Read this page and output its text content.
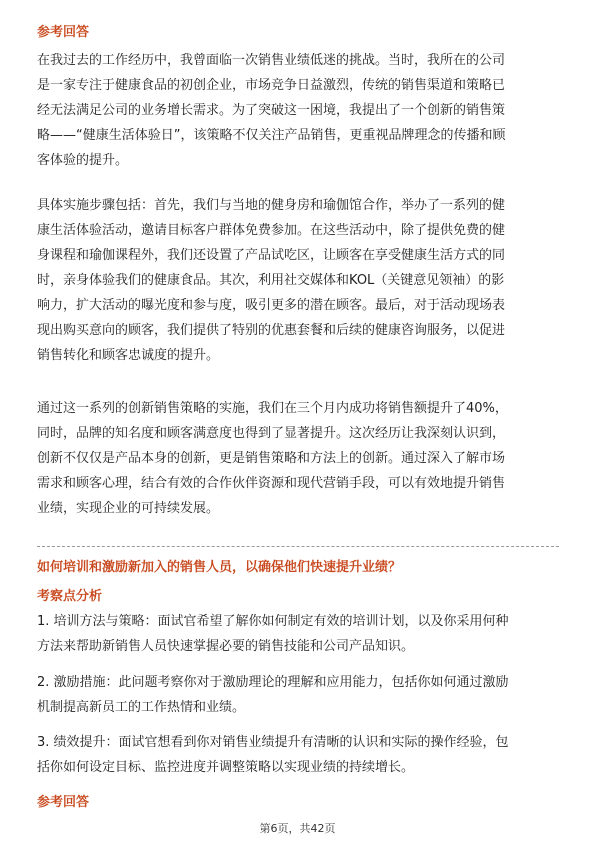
参考回答
在我过去的工作经历中，我曾面临一次销售业绩低迷的挑战。当时，我所在的公司
是一家专注于健康食品的初创企业，市场竞争日益激烈，传统的销售渠道和策略已
经无法满足公司的业务增长需求。为了突破这一困境，我提出了一个创新的销售策
略——“健康生活体验日”，该策略不仅关注产品销售，更重视品牌理念的传播和顾
客体验的提升。
具体实施步骤包括：首先，我们与当地的健身房和瑜伽馆合作，举办了一系列的健
康生活体验活动，邀请目标客户群体免费参加。在这些活动中，除了提供免费的健
身课程和瑜伽课程外，我们还设置了产品试吃区，让顾客在享受健康生活方式的同
时，亲身体验我们的健康食品。其次，利用社交媒体和KOL（关键意见领袖）的影
响力，扩大活动的曝光度和参与度，吸引更多的潜在顾客。最后，对于活动现场表
现出购买意向的顾客，我们提供了特别的优惠套餐和后续的健康咨询服务，以促进
销售转化和顾客忠诚度的提升。
通过这一系列的创新销售策略的实施，我们在三个月内成功将销售额提升了40%，
同时，品牌的知名度和顾客满意度也得到了显著提升。这次经历让我深刻认识到，
创新不仅仅是产品本身的创新，更是销售策略和方法上的创新。通过深入了解市场
需求和顾客心理，结合有效的合作伙伴资源和现代营销手段，可以有效地提升销售
业绩，实现企业的可持续发展。
如何培训和激励新加入的销售人员，以确保他们快速提升业绩？
考察点分析
1. 培训方法与策略：面试官希望了解你如何制定有效的培训计划，以及你采用何种
方法来帮助新销售人员快速掌握必要的销售技能和公司产品知识。
2. 激励措施：此问题考察你对于激励理论的理解和应用能力，包括你如何通过激励
机制提高新员工的工作热情和业绩。
3. 绩效提升：面试官想看到你对销售业绩提升有清晰的认识和实际的操作经验，包
括你如何设定目标、监控进度并调整策略以实现业绩的持续增长。
参考回答
第6页，共42页
